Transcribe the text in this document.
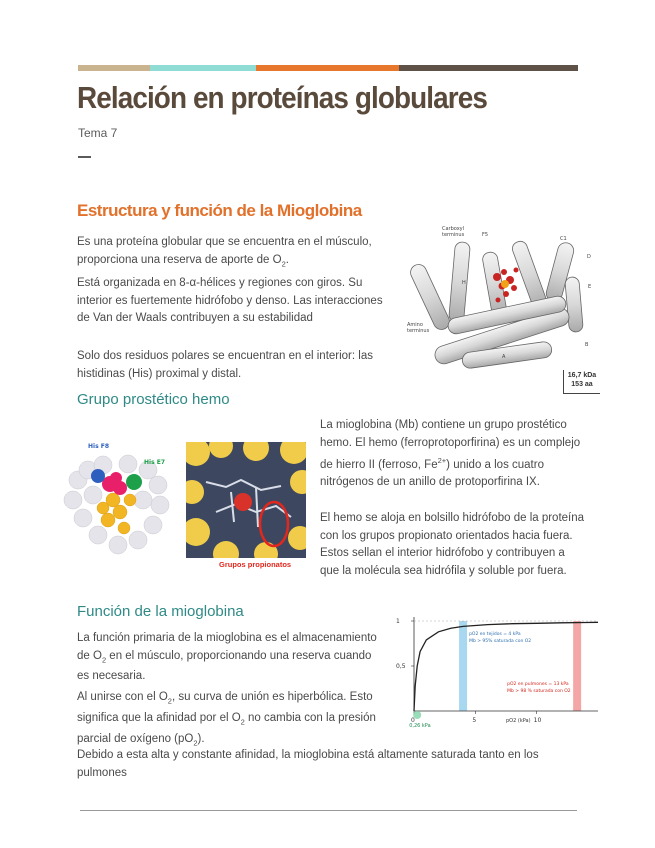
Relación en proteínas globulares
Tema 7
Estructura y función de la Mioglobina

Es una proteína globular que se encuentra en el músculo, proporciona una reserva de aporte de $O_2$.

Está organizada en 8-α-hélices y regiones con giros. Su interior es fuertemente hidrófobo y denso. Las interacciones de Van der Waals contribuyen a su estabilidad

Solo dos residuos polares se encuentran en el interior: las histidinas (His) proximal y distal.

Carboxyl
terminus	F5
C1
D
E
B
Amino
terminus
H
A
16,7 kDa
153 aa
Grupo prostético hemo
His F8
His E7
Grupos propionatos

La mioglobina (Mb) contiene un grupo prostético hemo. El hemo (ferroprotoporfirina) es un complejo de hierro II (ferroso, $Fe^{2+}$) unido a los cuatro nitrógenos de un anillo de protoporfirina IX.

El hemo se aloja en bolsillo hidrófobo de la proteína con los grupos propionato orientados hacia fuera. Estos sellan el interior hidrófobo y contribuyen a que la molécula sea hidrófila y soluble por fuera.

Función de la mioglobina

La función primaria de la mioglobina es el almacenamiento de $O_2$ en el músculo, proporcionando una reserva cuando es necesaria.

Al unirse con el $O_2$, su curva de unión es hiperbólica. Esto significa que la afinidad por el $O_2$ no cambia con la presión parcial de oxígeno $(pO_2)$.

Debido a esta alta y constante afinidad, la mioglobina está altamente saturada tanto en los pulmones

0	5	10
0,5
1
pO2 (kPa)
0,26 kPa
pO2 en tejidos = 4 kPa
Mb > 95% saturada con O2
pO2 en pulmones = 13 kPa
Mb > 98 % saturada con O2
